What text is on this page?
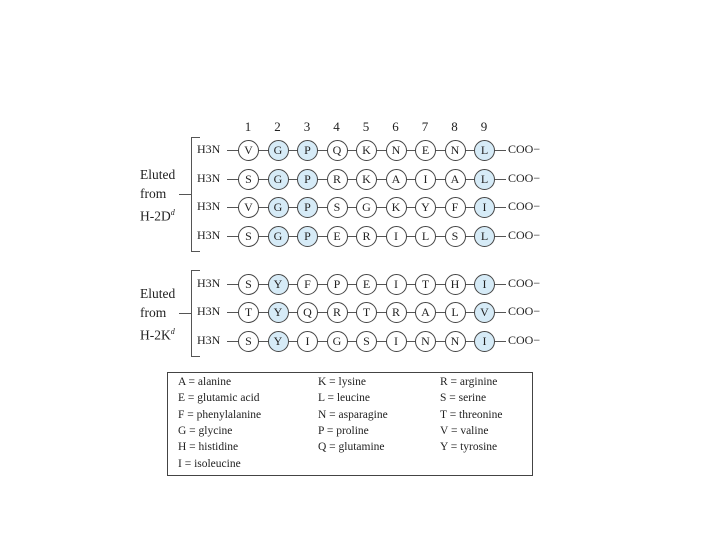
A = alanine
E = glutamic acid
F = phenylalanine
G = glycine
H = histidine
I = isoleucine
K = lysine
L = leucine
N = asparagine
P = proline
Q = glutamine
R = arginine
S = serine
T = threonine
V = valine
Y = tyrosine
1	2	3	4	5	6	7	8	9
Eluted
from
$H-2D^d$
H3N	V	G	P	Q	K	N	E	N	L	COO−
H3N	S	G	P	R	K	A	I	A	L	COO−
H3N	V	G	P	S	G	K	Y	F	I	COO−
H3N	S	G	P	E	R	I	L	S	L	COO−
Eluted
from
$H-2K^d$
H3N	S	Y	F	P	E	I	T	H	I	COO−
H3N	T	Y	Q	R	T	R	A	L	V	COO−
H3N	S	Y	I	G	S	I	N	N	I	COO−
